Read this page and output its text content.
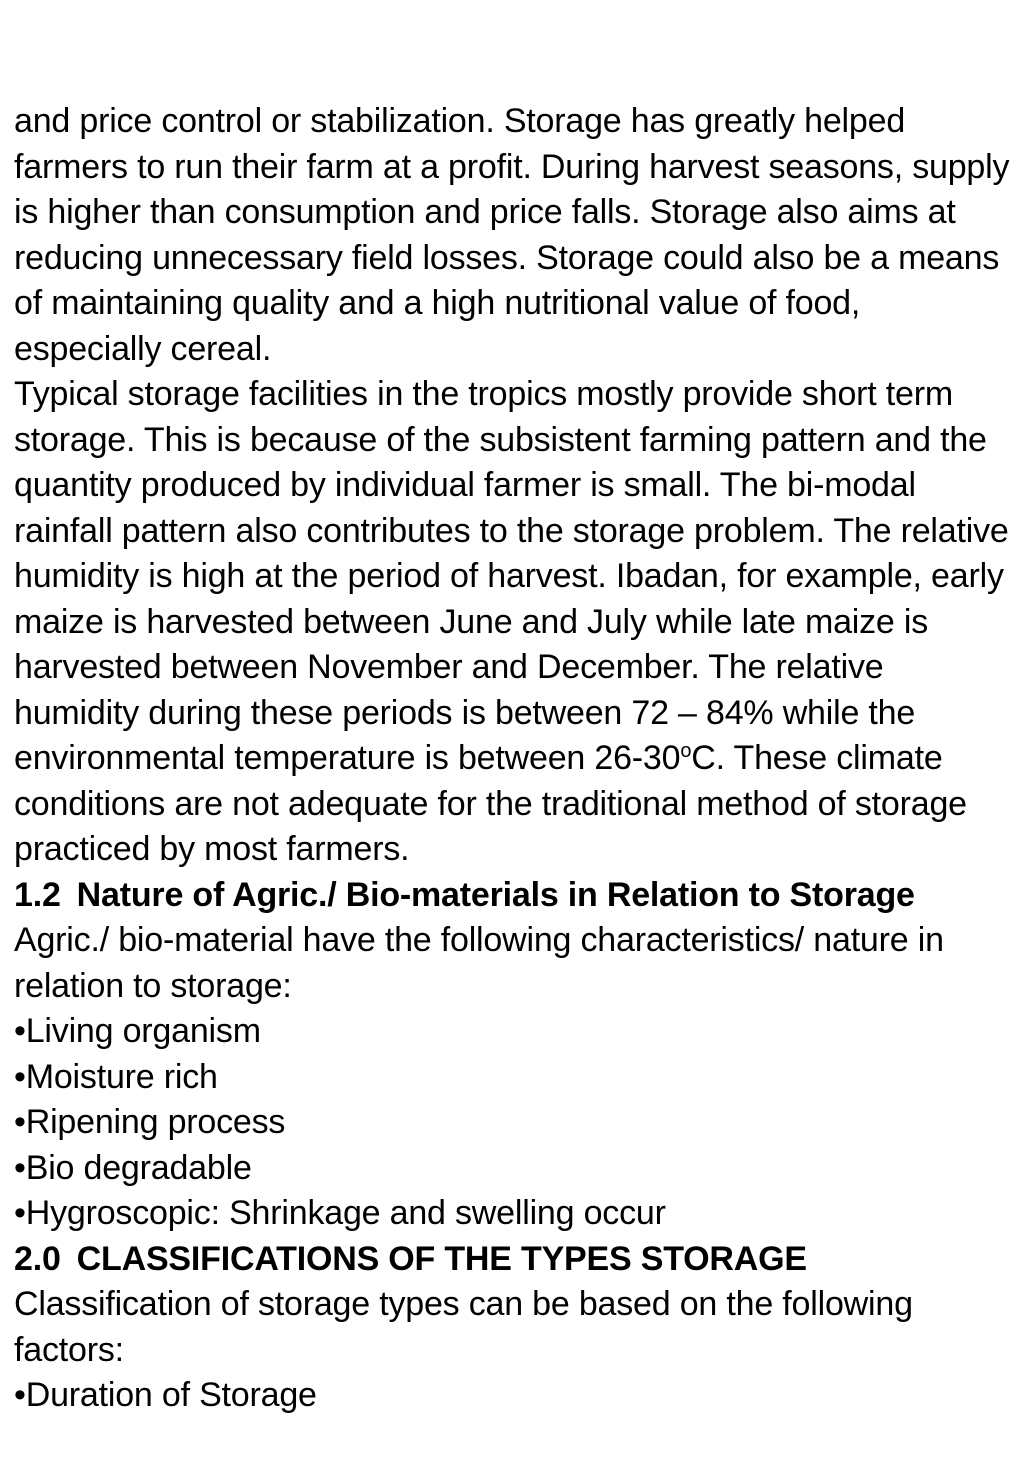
and price control or stabilization. Storage has greatly helped farmers to run their farm at a profit. During harvest seasons, supply is higher than consumption and price falls. Storage also aims at reducing unnecessary field losses. Storage could also be a means of maintaining quality and a high nutritional value of food, especially cereal.

Typical storage facilities in the tropics mostly provide short term storage. This is because of the subsistent farming pattern and the quantity produced by individual farmer is small. The bi-modal rainfall pattern also contributes to the storage problem. The relative humidity is high at the period of harvest. Ibadan, for example, early maize is harvested between June and July while late maize is harvested between November and December. The relative humidity during these periods is between 72 – 84% while the environmental temperature is between 26-30$^o$C. These climate conditions are not adequate for the traditional method of storage practiced by most farmers.

1.2 Nature of Agric./ Bio-materials in Relation to Storage

Agric./ bio-material have the following characteristics/ nature in relation to storage:

• Living organism
• Moisture rich
• Ripening process
• Bio degradable
• Hygroscopic: Shrinkage and swelling occur
2.0 CLASSIFICATIONS OF THE TYPES STORAGE

Classification of storage types can be based on the following factors:

• Duration of Storage
